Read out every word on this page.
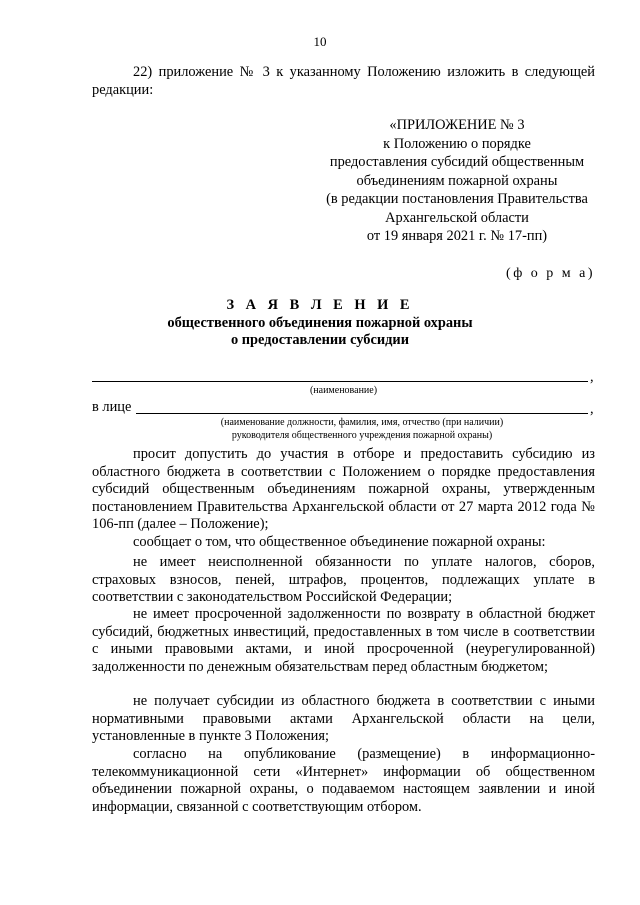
10
22) приложение № 3 к указанному Положению изложить в следующей редакции:
«ПРИЛОЖЕНИЕ № 3
к Положению о порядке
предоставления субсидий общественным
объединениям пожарной охраны
(в редакции постановления Правительства
Архангельской области
от 19 января 2021 г. № 17-пп)
(ф о р м а)
З А Я В Л Е Н И Е
общественного объединения пожарной охраны
о предоставлении субсидии
,
(наименование)
в лице	,
(наименование должности, фамилия, имя, отчество (при наличии)
руководителя общественного учреждения пожарной охраны)
просит допустить до участия в отборе и предоставить субсидию из областного бюджета в соответствии с Положением о порядке предоставления субсидий общественным объединениям пожарной охраны, утвержденным постановлением Правительства Архангельской области от 27 марта 2012 года № 106-пп (далее – Положение);
сообщает о том, что общественное объединение пожарной охраны:
не имеет неисполненной обязанности по уплате налогов, сборов, страховых взносов, пеней, штрафов, процентов, подлежащих уплате в соответствии с законодательством Российской Федерации;
не имеет просроченной задолженности по возврату в областной бюджет субсидий, бюджетных инвестиций, предоставленных в том числе в соответствии с иными правовыми актами, и иной просроченной (неурегулированной) задолженности по денежным обязательствам перед областным бюджетом;
не получает субсидии из областного бюджета в соответствии с иными нормативными правовыми актами Архангельской области на цели, установленные в пункте 3 Положения;
согласно на опубликование (размещение) в информационно-телекоммуникационной сети «Интернет» информации об общественном объединении пожарной охраны, о подаваемом настоящем заявлении и иной информации, связанной с соответствующим отбором.
